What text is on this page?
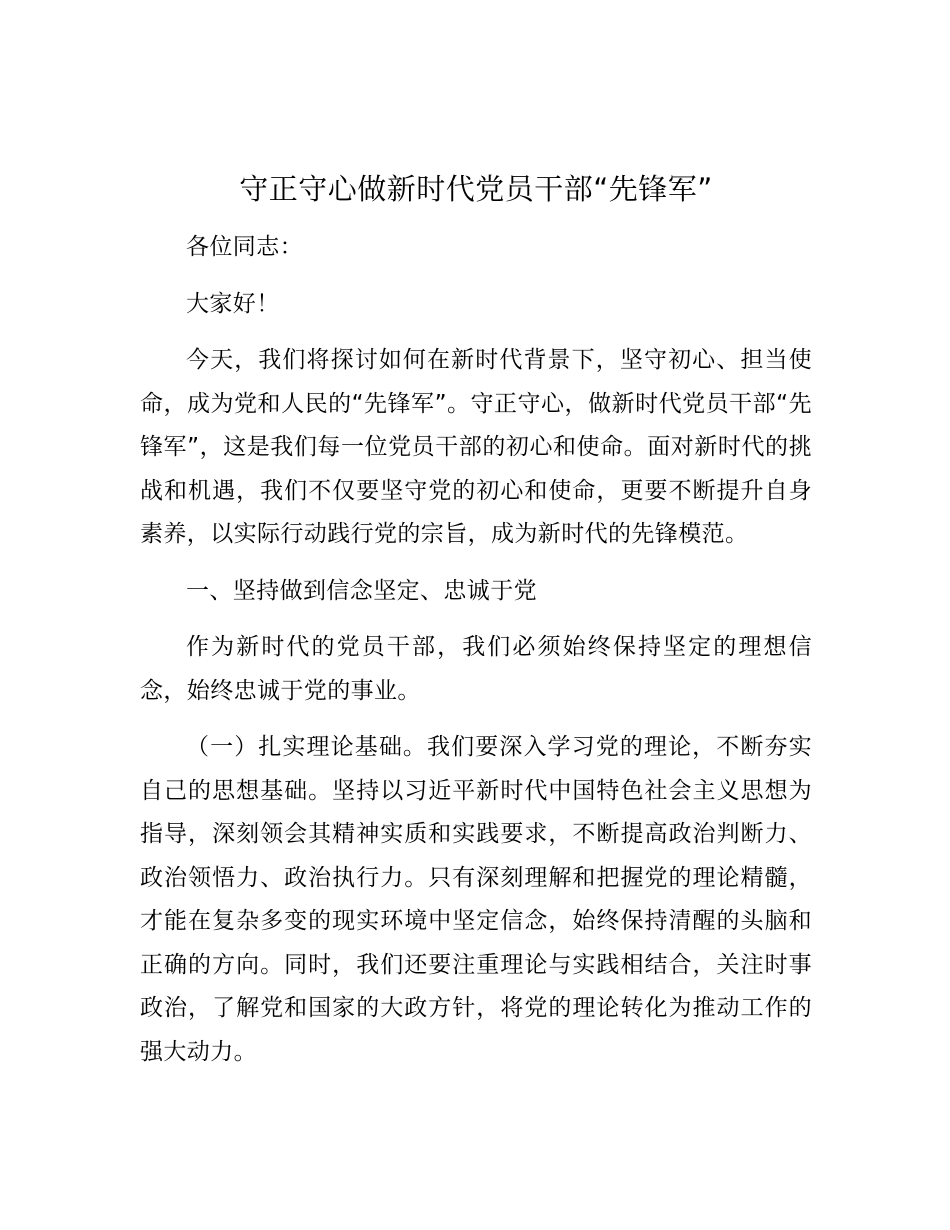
守正守心做新时代党员干部“先锋军”

各位同志：

大家好！

今天，我们将探讨如何在新时代背景下，坚守初心、担当使命，成为党和人民的“先锋军”。守正守心，做新时代党员干部“先锋军”，这是我们每一位党员干部的初心和使命。面对新时代的挑战和机遇，我们不仅要坚守党的初心和使命，更要不断提升自身素养，以实际行动践行党的宗旨，成为新时代的先锋模范。

一、坚持做到信念坚定、忠诚于党

作为新时代的党员干部，我们必须始终保持坚定的理想信念，始终忠诚于党的事业。

（一）扎实理论基础。我们要深入学习党的理论，不断夯实自己的思想基础。坚持以习近平新时代中国特色社会主义思想为指导，深刻领会其精神实质和实践要求，不断提高政治判断力、政治领悟力、政治执行力。只有深刻理解和把握党的理论精髓，才能在复杂多变的现实环境中坚定信念，始终保持清醒的头脑和正确的方向。同时，我们还要注重理论与实践相结合，关注时事政治，了解党和国家的大政方针，将党的理论转化为推动工作的强大动力。
